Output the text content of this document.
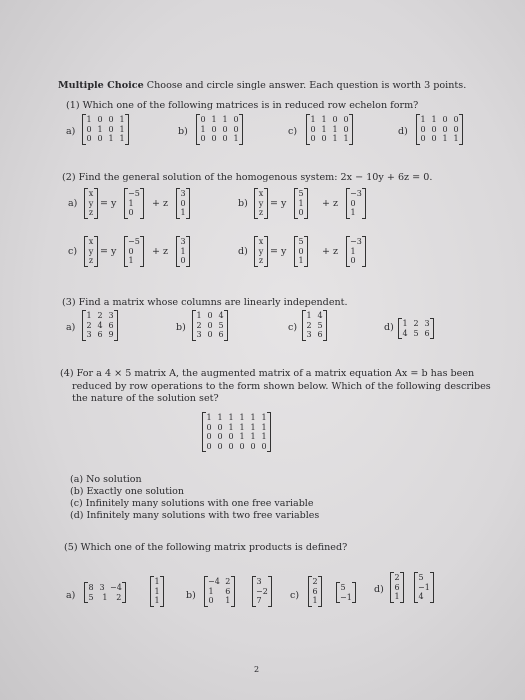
Multiple Choice Choose and circle single answer. Each question is worth 3 points.
(1) Which one of the following matrices is in reduced row echelon form?
a)
1 0 0 1
0 1 0 1
0 0 1 1
b)
0 1 1 0
1 0 0 0
0 0 0 1
c)
1 1 0 0
0 1 1 0
0 0 1 1
d)
1 1 0 0
0 0 0 0
0 0 1 1
(2) Find the general solution of the homogenous system: 2x − 10y + 6z = 0.
a)
x
y
z
= y
−5
1
0
+ z
3
0
1
b)
x
y
z
= y
5
1
0
+ z
−3
0
1
c)
x
y
z
= y
−5
0
1
+ z
3
1
0
d)
x
y
z
= y
5
0
1
+ z
−3
1
0
(3) Find a matrix whose columns are linearly independent.
a)
1 2 3
2 4 6
3 6 9
b)
1 0 4
2 0 5
3 0 6
c)
1 4
2 5
3 6
d) 1 2 3
4 5 6
(4) For a 4 × 5 matrix A, the augmented matrix of a matrix equation Ax = b has been
reduced by row operations to the form shown below. Which of the following describes
the nature of the solution set?
1 1 1 1 1 1
0 0 1 1 1 1
0 0 0 1 1 1
0 0 0 0 0 0
(a) No solution
(b) Exactly one solution
(c) Infinitely many solutions with one free variable
(d) Infinitely many solutions with two free variables
(5) Which one of the following matrix products is defined?
a)
8 3 −4
5 1 2
1
1
1	b)
−4 2
1 6
0 1
3
−2
7	c)
2
6
1
5
−1
d)
2
6
1
5
−1
4
2
